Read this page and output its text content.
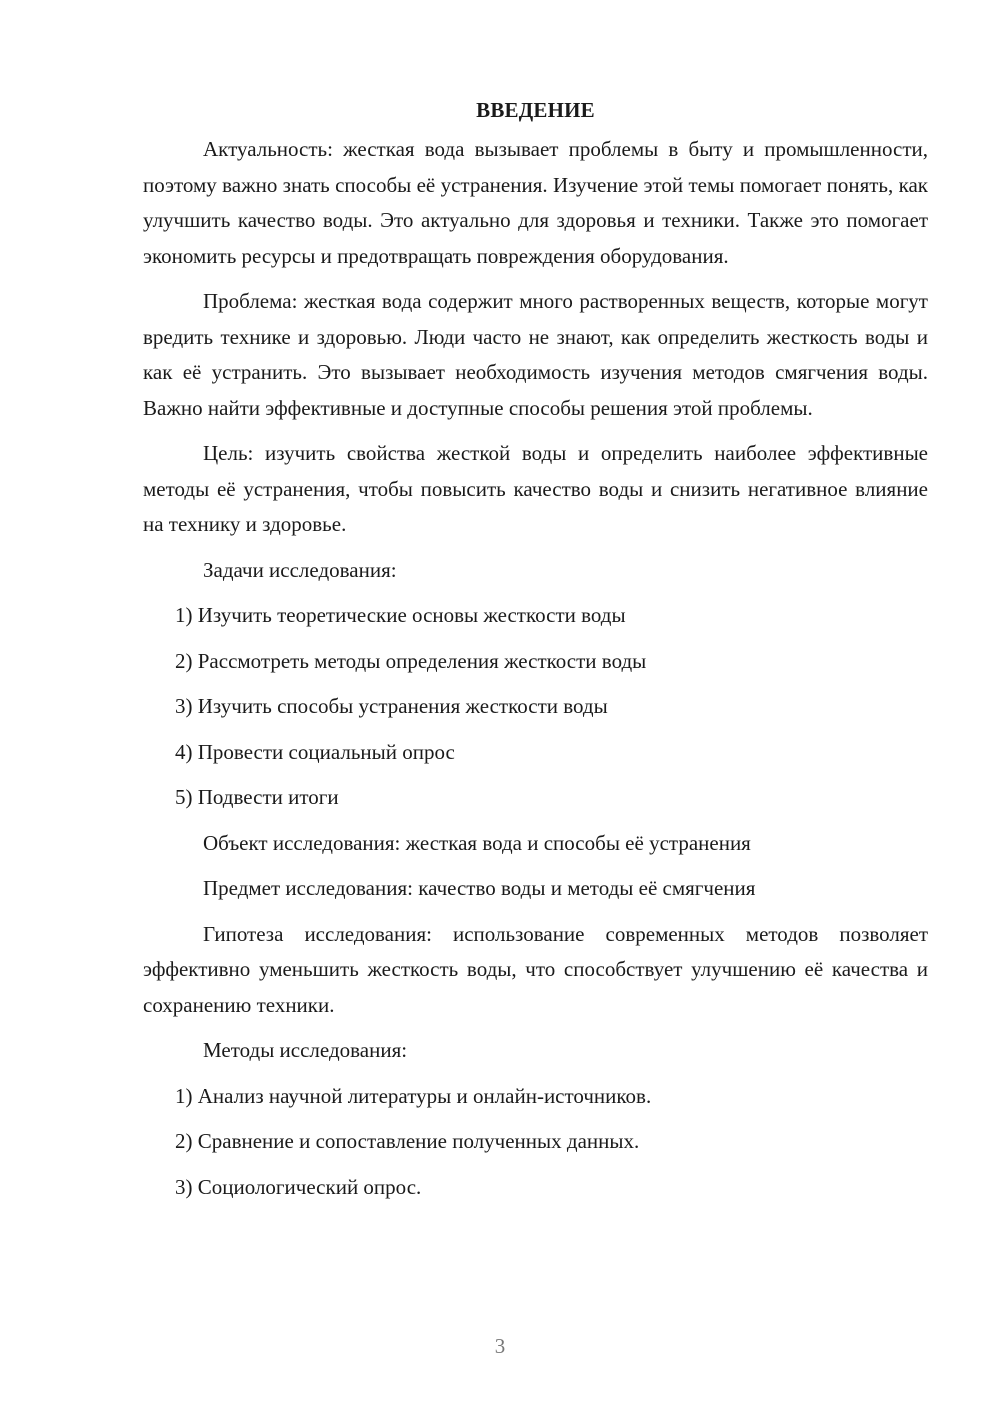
ВВЕДЕНИЕ

Актуальность: жесткая вода вызывает проблемы в быту и промышленности, поэтому важно знать способы её устранения. Изучение этой темы помогает понять, как улучшить качество воды. Это актуально для здоровья и техники. Также это помогает экономить ресурсы и предотвращать повреждения оборудования.

Проблема: жесткая вода содержит много растворенных веществ, которые могут вредить технике и здоровью. Люди часто не знают, как определить жесткость воды и как её устранить. Это вызывает необходимость изучения методов смягчения воды. Важно найти эффективные и доступные способы решения этой проблемы.

Цель: изучить свойства жесткой воды и определить наиболее эффективные методы её устранения, чтобы повысить качество воды и снизить негативное влияние на технику и здоровье.

Задачи исследования:

1) Изучить теоретические основы жесткости воды

2) Рассмотреть методы определения жесткости воды

3) Изучить способы устранения жесткости воды

4) Провести социальный опрос

5) Подвести итоги

Объект исследования: жесткая вода и способы её устранения

Предмет исследования: качество воды и методы её смягчения

Гипотеза исследования: использование современных методов позволяет эффективно уменьшить жесткость воды, что способствует улучшению её качества и сохранению техники.

Методы исследования:

1) Анализ научной литературы и онлайн-источников.

2) Сравнение и сопоставление полученных данных.

3) Социологический опрос.

3
